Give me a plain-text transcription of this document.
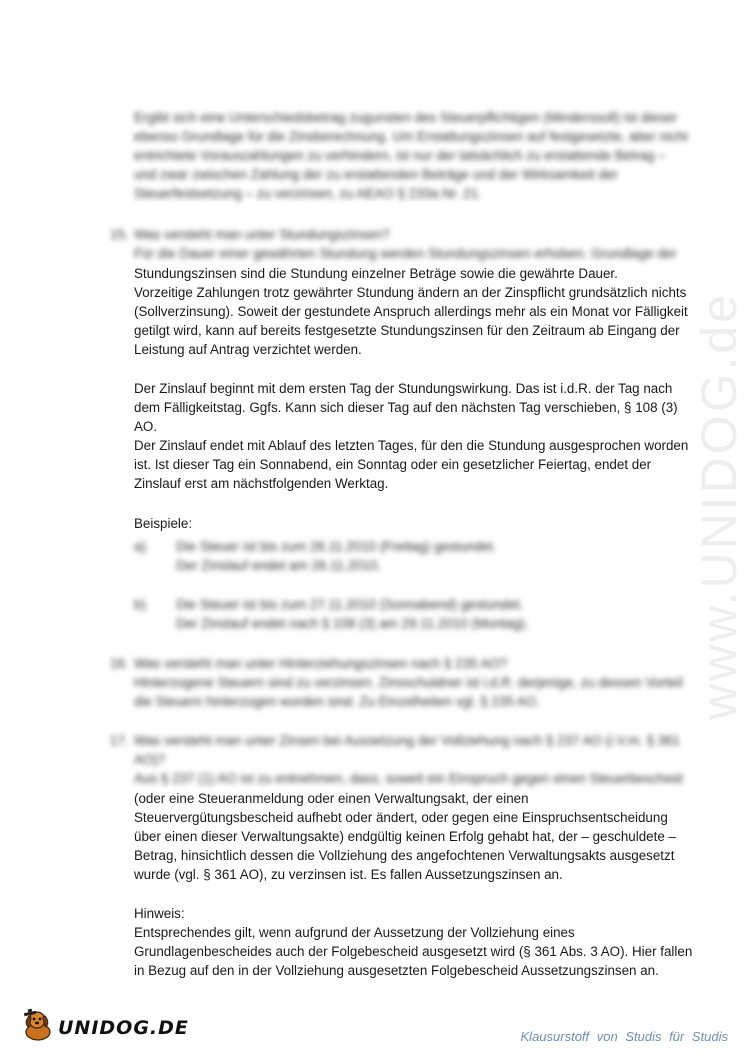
Ergibt sich eine Unterschiedsbetrag zugunsten des Steuerpflichtigen (Minderssoll) ist dieser
ebenso Grundlage für die Zinsberechnung. Um Erstattungszinsen auf festgesetzte, aber nicht
entrichtete Vorauszahlungen zu verhindern, ist nur der tatsächlich zu erstattende Betrag –
und zwar zwischen Zahlung der zu erstattenden Beträge und der Wirksamkeit der
Steuerfestsetzung – zu verzinsen, zu AEAO § 233a Nr. 21.
15. Was versteht man unter Stundungszinsen?
Für die Dauer einer gewährten Stundung werden Stundungszinsen erhoben. Grundlage der
Stundungszinsen sind die Stundung einzelner Beträge sowie die gewährte Dauer.
Vorzeitige Zahlungen trotz gewährter Stundung ändern an der Zinspflicht grundsätzlich nichts
(Sollverzinsung). Soweit der gestundete Anspruch allerdings mehr als ein Monat vor Fälligkeit
getilgt wird, kann auf bereits festgesetzte Stundungszinsen für den Zeitraum ab Eingang der
Leistung auf Antrag verzichtet werden.
Der Zinslauf beginnt mit dem ersten Tag der Stundungswirkung. Das ist i.d.R. der Tag nach
dem Fälligkeitstag. Ggfs. Kann sich dieser Tag auf den nächsten Tag verschieben, § 108 (3)
AO.
Der Zinslauf endet mit Ablauf des letzten Tages, für den die Stundung ausgesprochen worden
ist. Ist dieser Tag ein Sonnabend, ein Sonntag oder ein gesetzlicher Feiertag, endet der
Zinslauf erst am nächstfolgenden Werktag.
Beispiele:
a) Die Steuer ist bis zum 26.11.2010 (Freitag) gestundet.
Der Zinslauf endet am 26.11.2010.
b) Die Steuer ist bis zum 27.11.2010 (Sonnabend) gestundet.
Der Zinslauf endet nach § 108 (3) am 29.11.2010 (Montag).
16. Was versteht man unter Hinterziehungszinsen nach § 235 AO?
Hinterzogene Steuern sind zu verzinsen. Zinsschuldner ist i.d.R. derjenige, zu dessen Vorteil
die Steuern hinterzogen worden sind. Zu Einzelheiten vgl. § 235 AO.
17. Was versteht man unter Zinsen bei Aussetzung der Vollziehung nach § 237 AO (i.V.m. § 361
AO)?
Aus § 237 (1) AO ist zu entnehmen, dass, soweit ein Einspruch gegen einen Steuerbescheid
(oder eine Steueranmeldung oder einen Verwaltungsakt, der einen
Steuervergütungsbescheid aufhebt oder ändert, oder gegen eine Einspruchsentscheidung
über einen dieser Verwaltungsakte) endgültig keinen Erfolg gehabt hat, der – geschuldete –
Betrag, hinsichtlich dessen die Vollziehung des angefochtenen Verwaltungsakts ausgesetzt
wurde (vgl. § 361 AO), zu verzinsen ist. Es fallen Aussetzungszinsen an.
Hinweis:
Entsprechendes gilt, wenn aufgrund der Aussetzung der Vollziehung eines
Grundlagenbescheides auch der Folgebescheid ausgesetzt wird (§ 361 Abs. 3 AO). Hier fallen
in Bezug auf den in der Vollziehung ausgesetzten Folgebescheid Aussetzungszinsen an.
www.UNIDOG.de
UNIDOG.DE	Klausurstoff von Studis für Studis
